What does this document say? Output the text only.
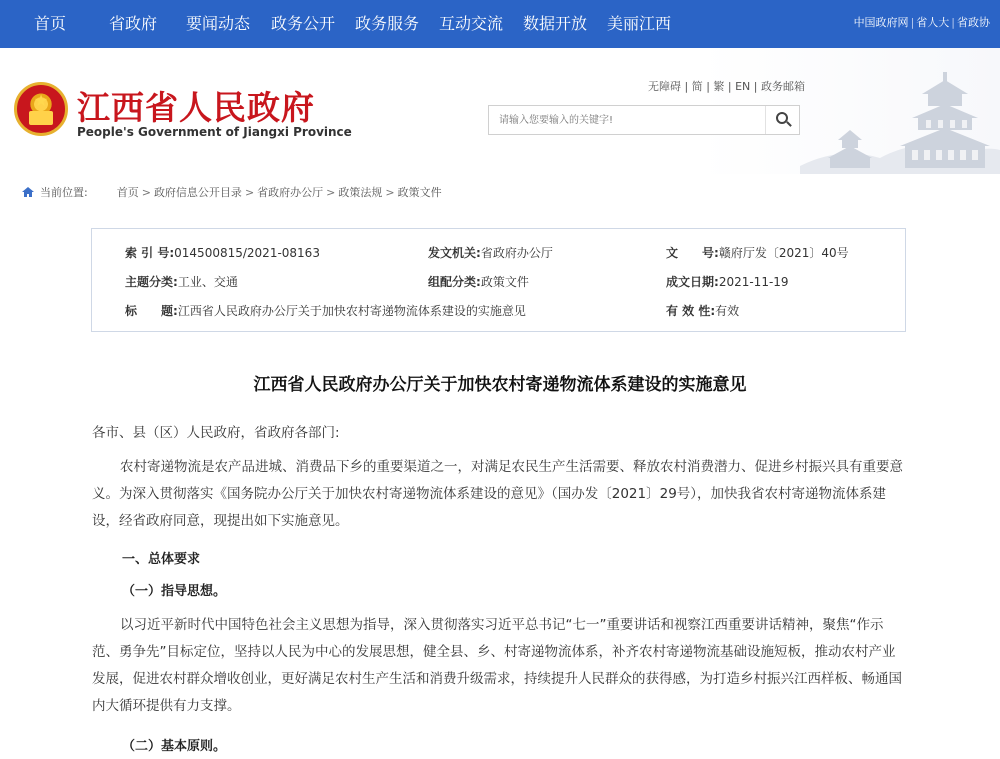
首页	省政府 要闻动态 政务公开 政务服务 互动交流 数据开放 美丽江西	中国政府网 | 省人大 | 省政协
★ 江西省人民政府
People's Government of Jiangxi Province
无障碍 | 简 | 繁 | EN | 政务邮箱
请输入您要输入的关键字!
当前位置:	首页 > 政府信息公开目录 > 省政府办公厅 > 政策法规 > 政策文件
索 引 号:014500815/2021-08163	发文机关:省政府办公厅	文　　号:赣府厅发〔2021〕40号
主题分类:工业、交通	组配分类:政策文件	成文日期:2021-11-19
标　　题:江西省人民政府办公厅关于加快农村寄递物流体系建设的实施意见	有 效 性:有效
江西省人民政府办公厅关于加快农村寄递物流体系建设的实施意见
各市、县（区）人民政府，省政府各部门:
农村寄递物流是农产品进城、消费品下乡的重要渠道之一，对满足农民生产生活需要、释放农村消费潜力、促进乡村振兴具有重要意义。为深入贯彻落实《国务院办公厅关于加快农村寄递物流体系建设的意见》（国办发〔2021〕29号），加快我省农村寄递物流体系建设，经省政府同意，现提出如下实施意见。
一、总体要求
（一）指导思想。
以习近平新时代中国特色社会主义思想为指导，深入贯彻落实习近平总书记“七一”重要讲话和视察江西重要讲话精神，聚焦“作示范、勇争先”目标定位，坚持以人民为中心的发展思想，健全县、乡、村寄递物流体系，补齐农村寄递物流基础设施短板，推动农村产业发展，促进农村群众增收创业，更好满足农村生产生活和消费升级需求，持续提升人民群众的获得感，为打造乡村振兴江西样板、畅通国内大循环提供有力支撑。
（二）基本原则。
